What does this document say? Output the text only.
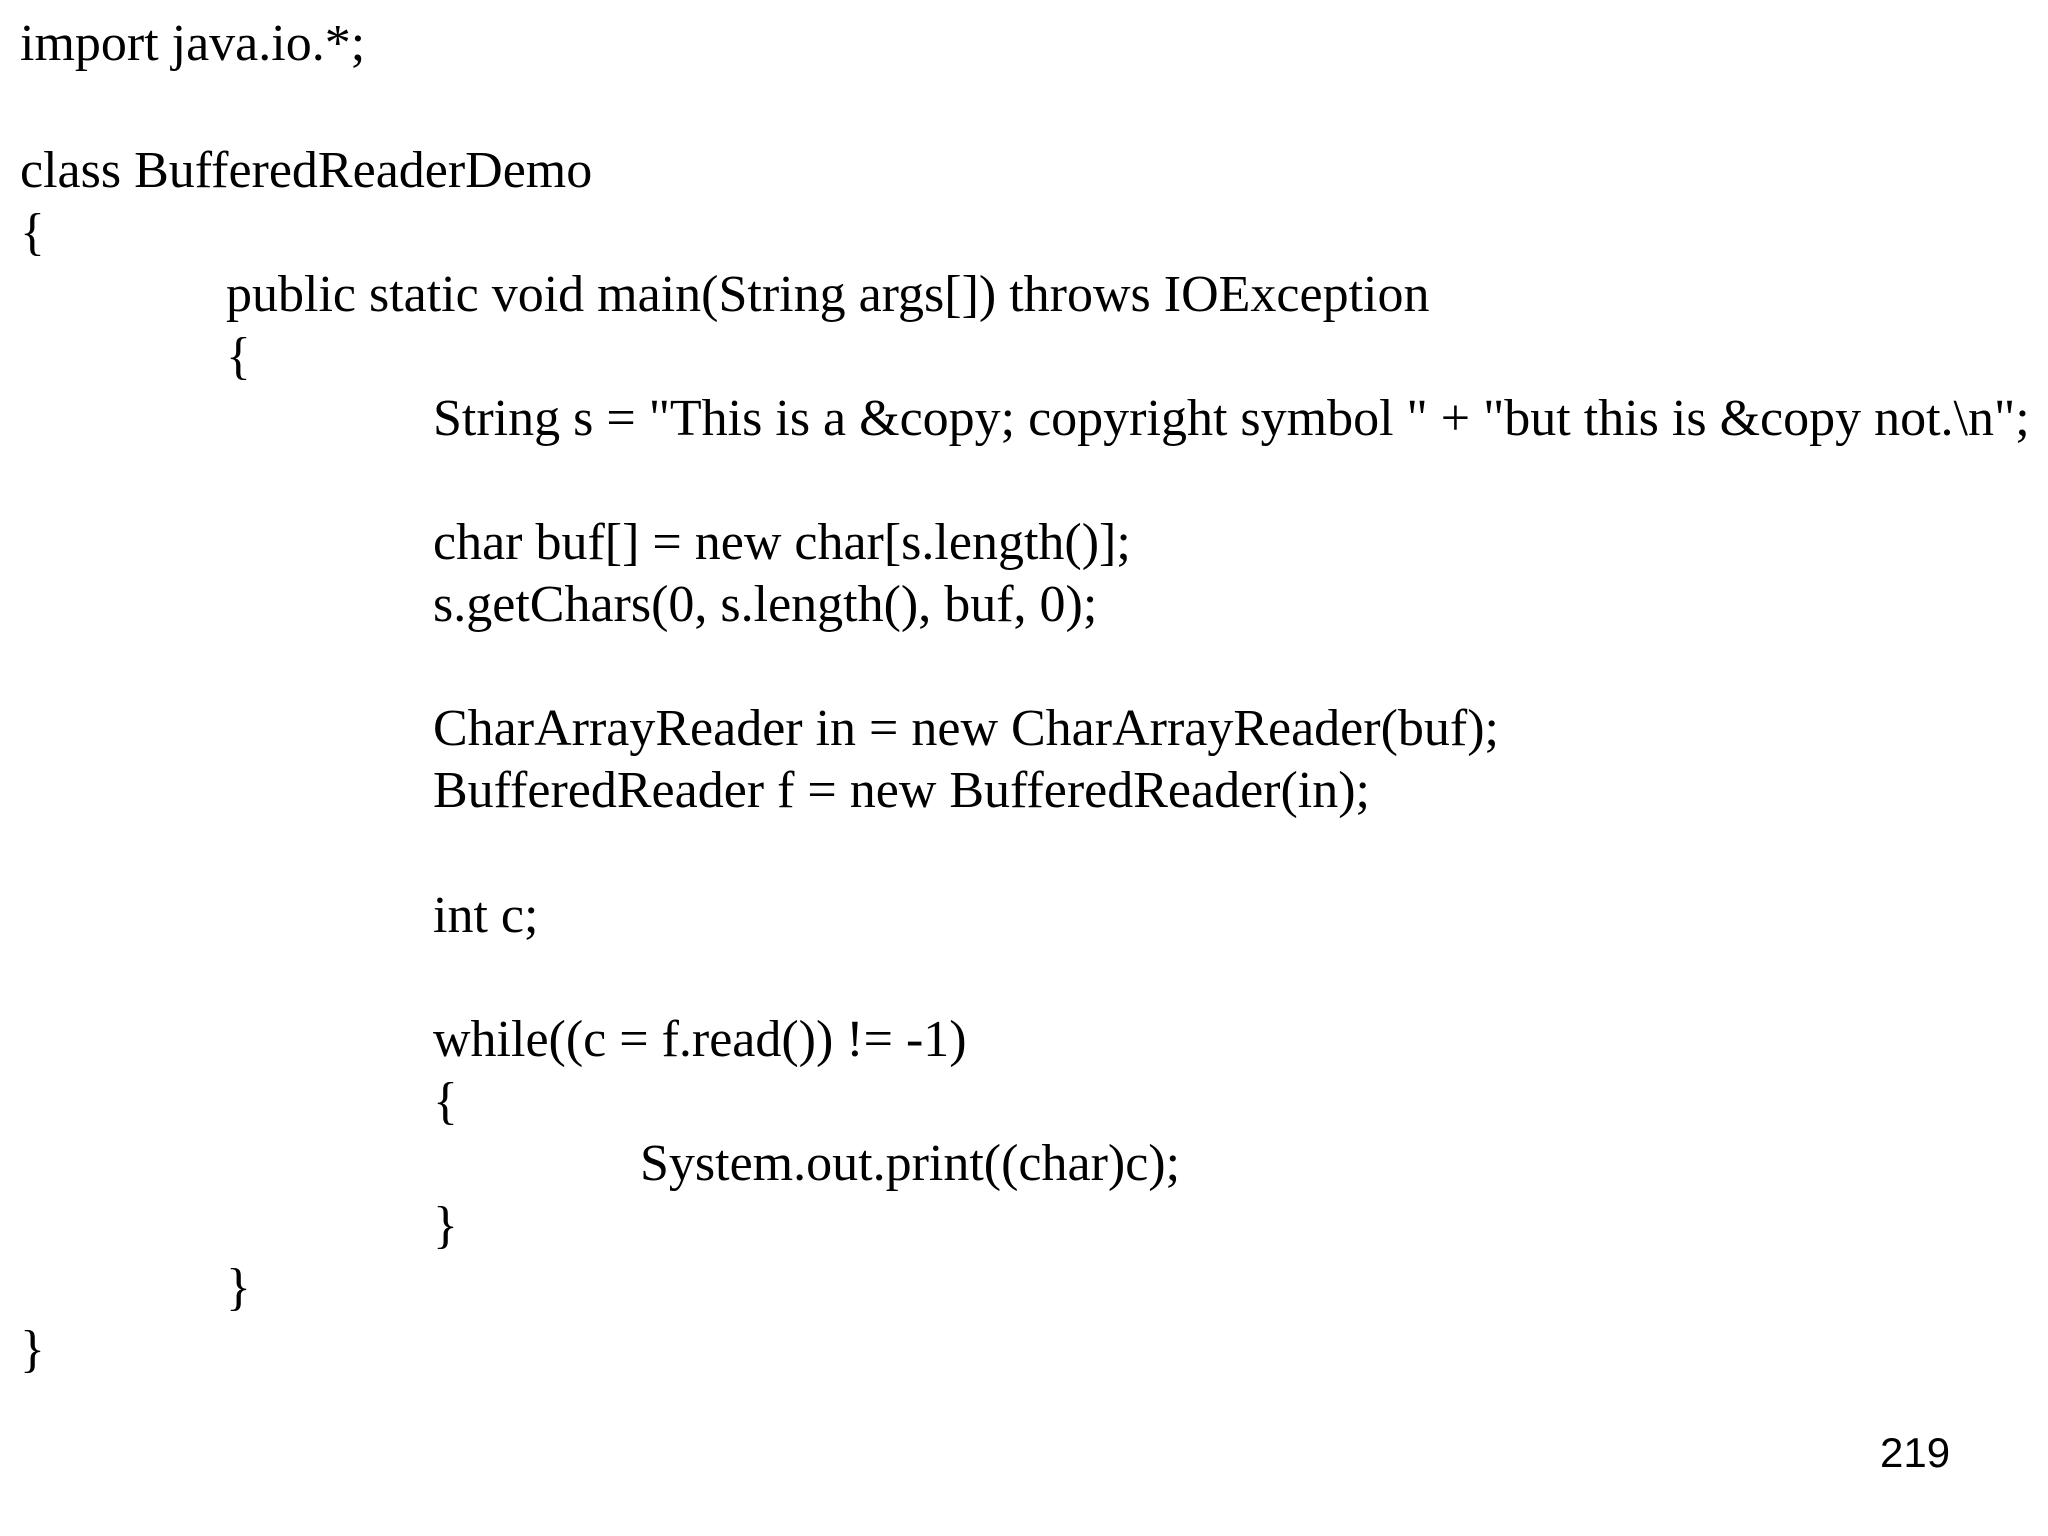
import java.io.*;

class BufferedReaderDemo

{

public static void main(String args[]) throws IOException

{

String s = "This is a &copy; copyright symbol " + "but this is &copy not.\n";

char buf[] = new char[s.length()];

s.getChars(0, s.length(), buf, 0);

CharArrayReader in = new CharArrayReader(buf);

BufferedReader f = new BufferedReader(in);

int c;

while((c = f.read()) != -1)

{

System.out.print((char)c);

}

}

}

219
